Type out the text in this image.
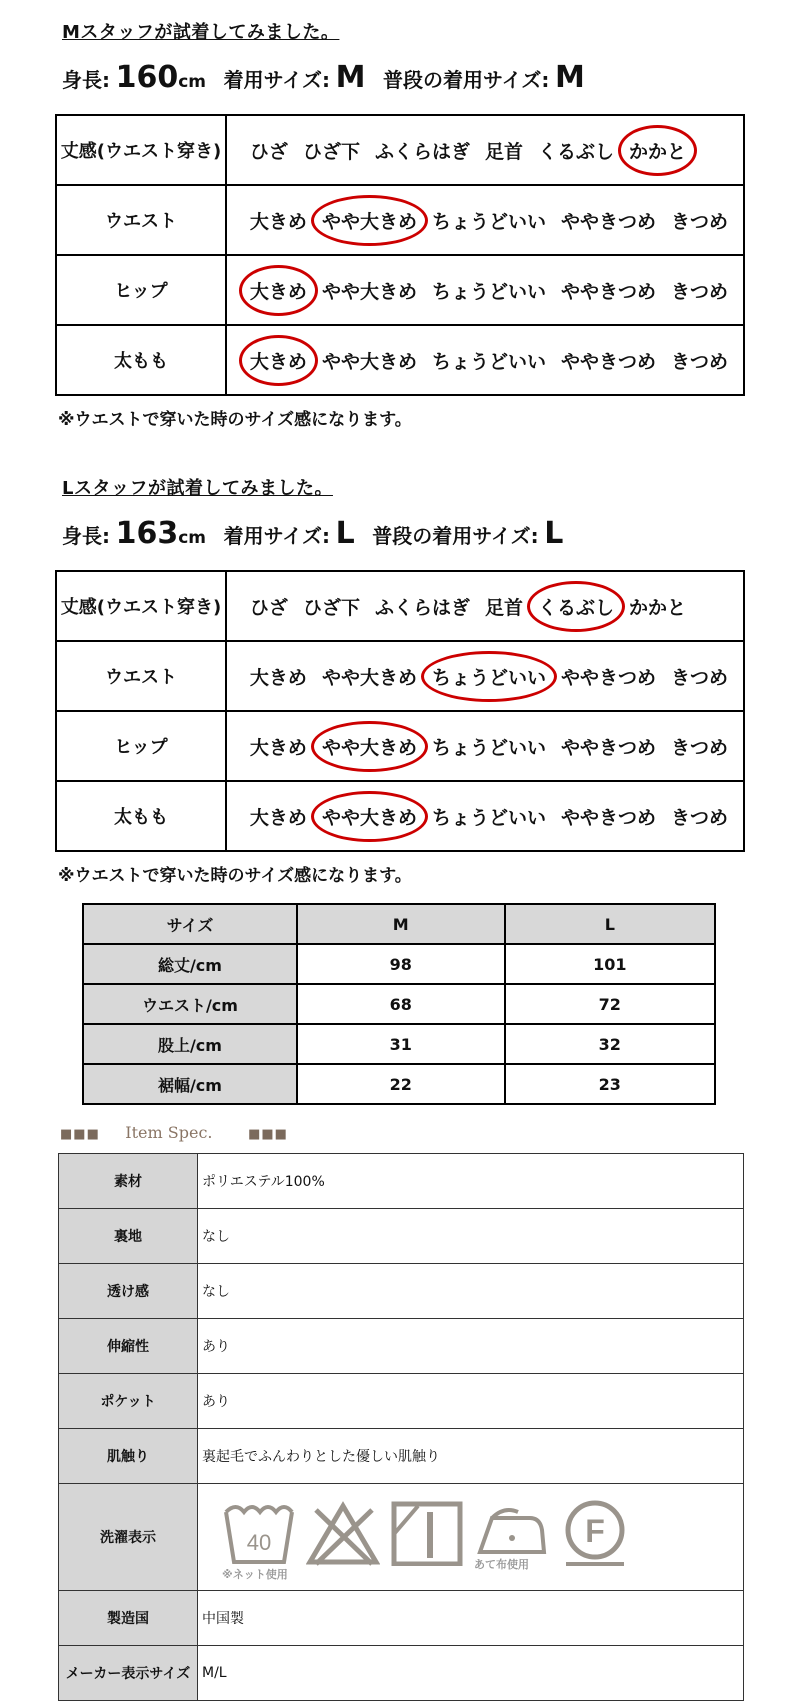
Mスタッフが試着してみました。
身長: 160cm 着用サイズ: M 普段の着用サイズ: M
丈感(ウエスト穿き)	ひざ ひざ下 ふくらはぎ 足首 くるぶし かかと
ウエスト	大きめ やや大きめ ちょうどいい ややきつめ きつめ
ヒップ	大きめ やや大きめ ちょうどいい ややきつめ きつめ
太もも	大きめ やや大きめ ちょうどいい ややきつめ きつめ
※ウエストで穿いた時のサイズ感になります。
Lスタッフが試着してみました。
身長: 163cm 着用サイズ: L 普段の着用サイズ: L
丈感(ウエスト穿き)	ひざ ひざ下 ふくらはぎ 足首 くるぶし かかと
ウエスト	大きめ やや大きめ ちょうどいい ややきつめ きつめ
ヒップ	大きめ やや大きめ ちょうどいい ややきつめ きつめ
太もも	大きめ やや大きめ ちょうどいい ややきつめ きつめ
※ウエストで穿いた時のサイズ感になります。
サイズ	M	L
総丈/cm	98	101
ウエスト/cm	68	72
股上/cm	31	32
裾幅/cm	22	23
■■■ Item Spec.	■■■
素材	ポリエステル100%
裏地	なし
透け感	なし
伸縮性	あり
ポケット	あり
肌触り	裏起毛でふんわりとした優しい肌触り
洗濯表示	40
※ネット使用
あて布使用
F

製造国	中国製
メーカー表示サイズ	M/L
